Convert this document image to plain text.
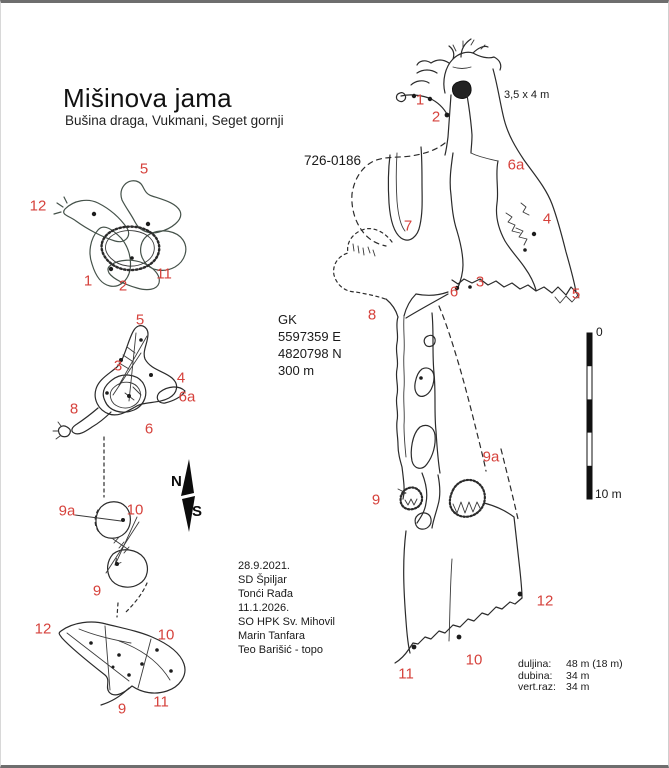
Mišinova jama
Bušina draga, Vukmani, Seget gornji
726-0186
3,5 x 4 m
GK
5597359 E
4820798 N
300 m
28.9.2021.
SD Špiljar
Tonći Rađa
11.1.2026.
SO HPK Sv. Mihovil
Marin Tanfara
Teo Barišić - topo
duljina: 48 m (18 m)
dubina: 34 m
vert.raz: 34 m
0
10 m
N
S
5
12
1 2
11
5
3
4
6a
8
6
9a	10
9
12	10
9 11
1
2
6a
4
7
3
6	5
8
9a
9
12
10
11
